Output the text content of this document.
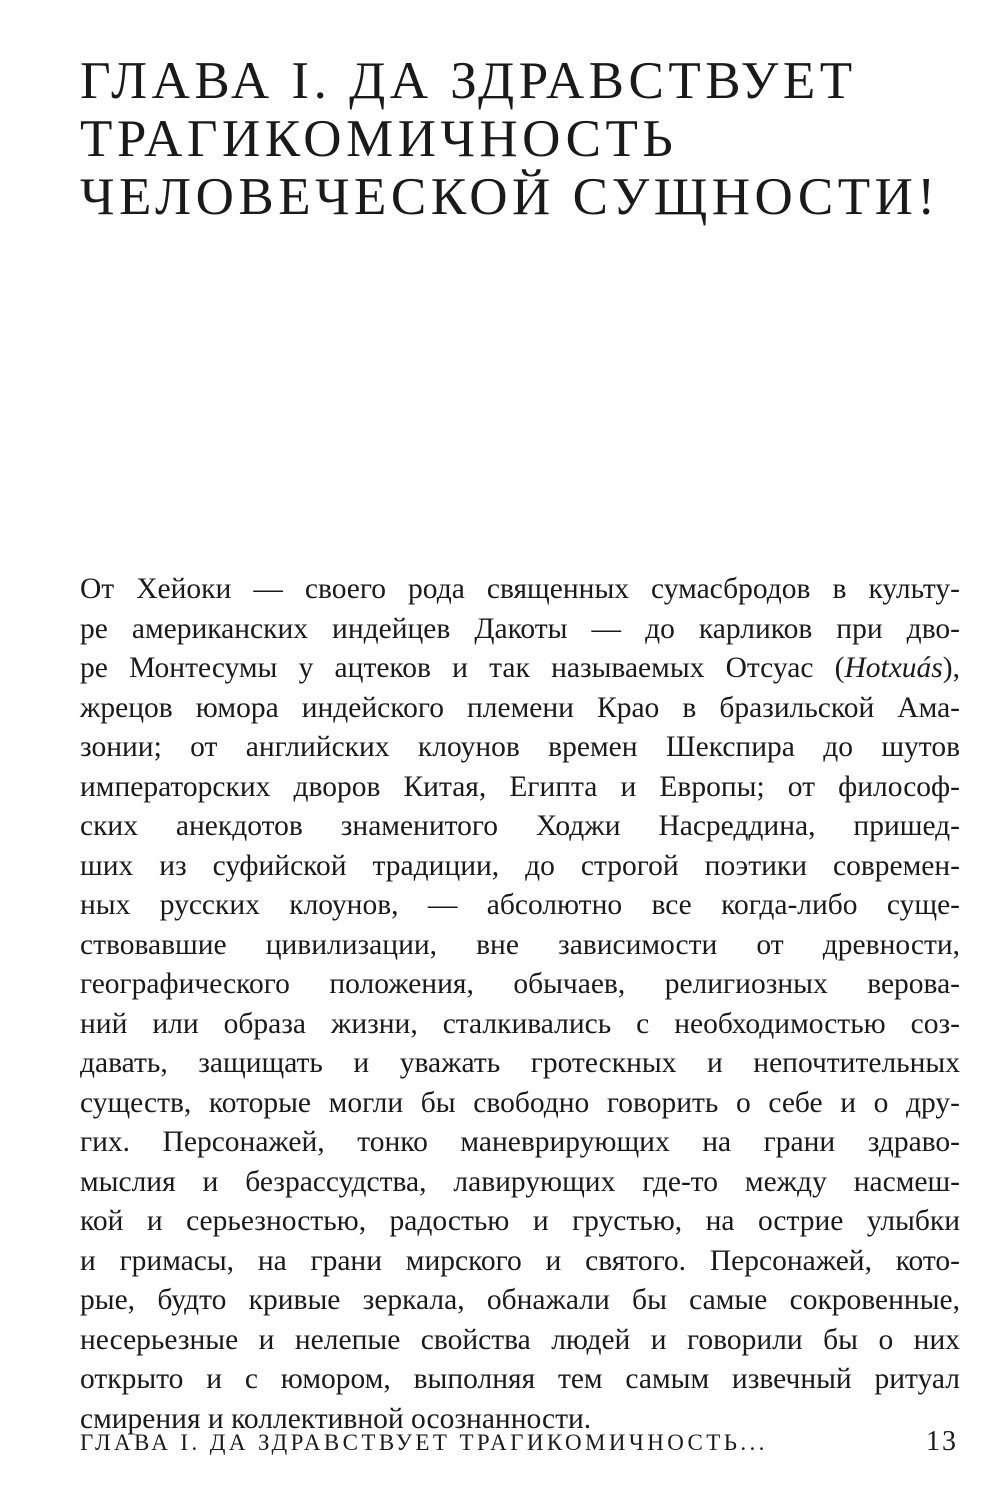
ГЛАВА I. ДА ЗДРАВСТВУЕТ
ТРАГИКОМИЧНОСТЬ
ЧЕЛОВЕЧЕСКОЙ СУЩНОСТИ!
От Хейоки — своего рода священных сумасбродов в культу-
ре американских индейцев Дакоты — до карликов при дво-
ре Монтесумы у ацтеков и так называемых Отсуас (Hotxuás),
жрецов юмора индейского племени Крао в бразильской Ама-
зонии; от английских клоунов времен Шекспира до шутов
императорских дворов Китая, Египта и Европы; от философ-
ских анекдотов знаменитого Ходжи Насреддина, пришед-
ших из суфийской традиции, до строгой поэтики современ-
ных русских клоунов, — абсолютно все когда-либо суще-
ствовавшие цивилизации, вне зависимости от древности,
географического положения, обычаев, религиозных верова-
ний или образа жизни, сталкивались с необходимостью соз-
давать, защищать и уважать гротескных и непочтительных
существ, которые могли бы свободно говорить о себе и о дру-
гих. Персонажей, тонко маневрирующих на грани здраво-
мыслия и безрассудства, лавирующих где-то между насмеш-
кой и серьезностью, радостью и грустью, на острие улыбки
и гримасы, на грани мирского и святого. Персонажей, кото-
рые, будто кривые зеркала, обнажали бы самые сокровенные,
несерьезные и нелепые свойства людей и говорили бы о них
открыто и с юмором, выполняя тем самым извечный ритуал
смирения и коллективной осознанности.
ГЛАВА I. ДА ЗДРАВСТВУЕТ ТРАГИКОМИЧНОСТЬ...	13
